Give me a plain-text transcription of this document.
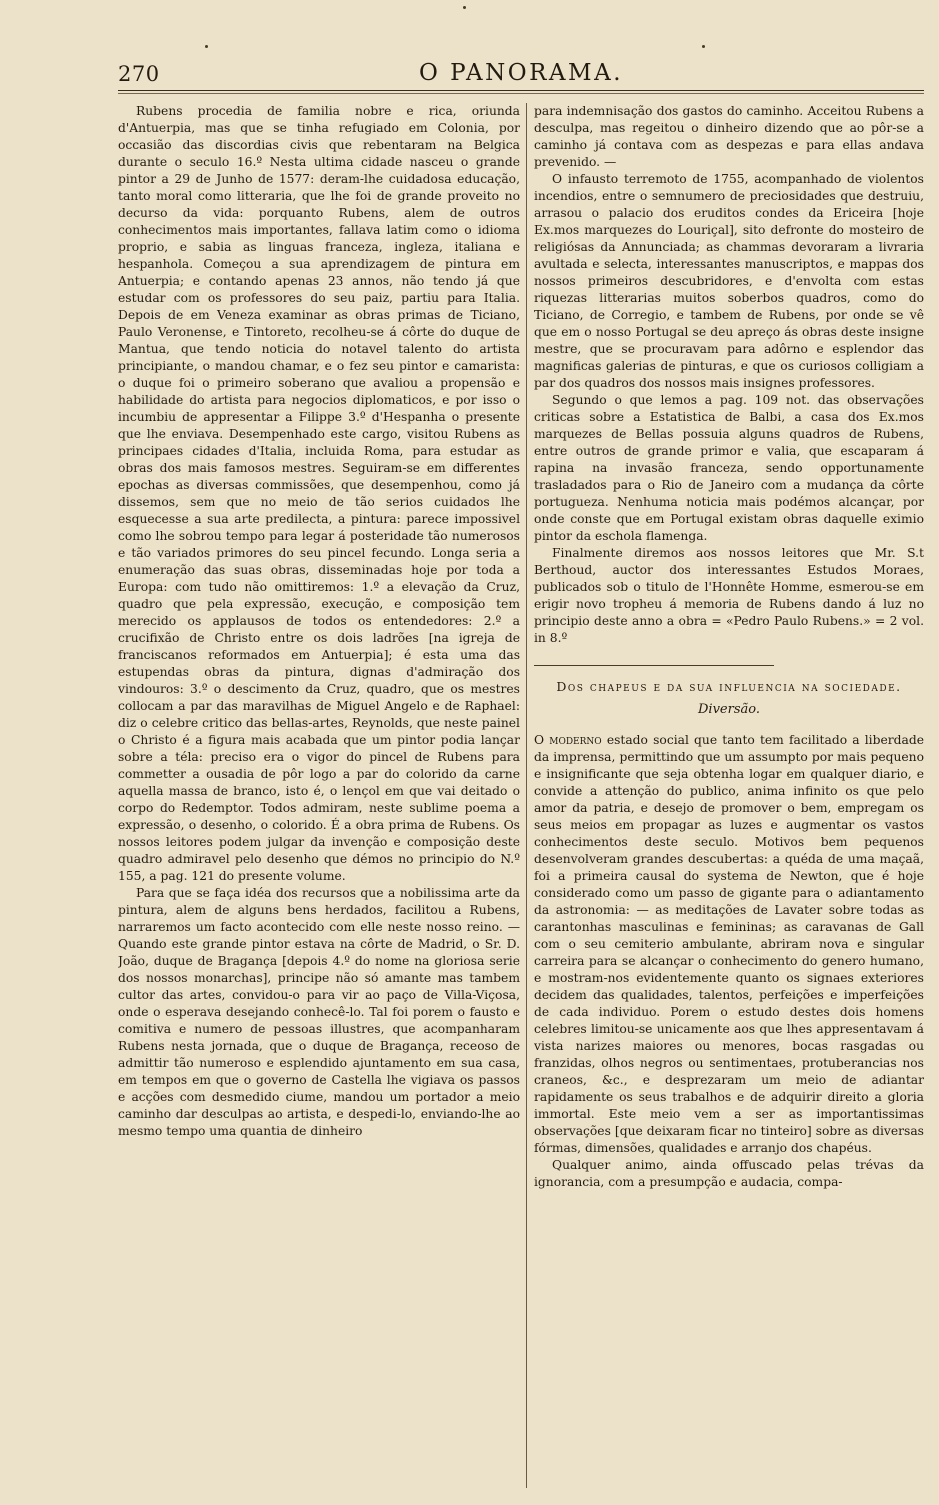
270	O PANORAMA.

Rubens procedia de familia nobre e rica, oriunda d'Antuerpia, mas que se tinha refugiado em Colonia, por occasião das discordias civis que rebentaram na Belgica durante o seculo 16.º Nesta ultima cidade nasceu o grande pintor a 29 de Junho de 1577: deram-lhe cuidadosa educação, tanto moral como litteraria, que lhe foi de grande proveito no decurso da vida: porquanto Rubens, alem de outros conhecimentos mais importantes, fallava latim como o idioma proprio, e sabia as linguas franceza, ingleza, italiana e hespanhola. Começou a sua aprendizagem de pintura em Antuerpia; e contando apenas 23 annos, não tendo já que estudar com os professores do seu paiz, partiu para Italia. Depois de em Veneza examinar as obras primas de Ticiano, Paulo Veronense, e Tintoreto, recolheu-se á côrte do duque de Mantua, que tendo noticia do notavel talento do artista principiante, o mandou chamar, e o fez seu pintor e camarista: o duque foi o primeiro soberano que avaliou a propensão e habilidade do artista para negocios diplomaticos, e por isso o incumbiu de appresentar a Filippe 3.º d'Hespanha o presente que lhe enviava. Desempenhado este cargo, visitou Rubens as principaes cidades d'Italia, incluida Roma, para estudar as obras dos mais famosos mestres. Seguiram-se em differentes epochas as diversas commissões, que desempenhou, como já dissemos, sem que no meio de tão serios cuidados lhe esquecesse a sua arte predilecta, a pintura: parece impossivel como lhe sobrou tempo para legar á posteridade tão numerosos e tão variados primores do seu pincel fecundo. Longa seria a enumeração das suas obras, disseminadas hoje por toda a Europa: com tudo não omittiremos: 1.º a elevação da Cruz, quadro que pela expressão, execução, e composição tem merecido os applausos de todos os entendedores: 2.º a crucifixão de Christo entre os dois ladrões [na igreja de franciscanos reformados em Antuerpia]; é esta uma das estupendas obras da pintura, dignas d'admiração dos vindouros: 3.º o descimento da Cruz, quadro, que os mestres collocam a par das maravilhas de Miguel Angelo e de Raphael: diz o celebre critico das bellas-artes, Reynolds, que neste painel o Christo é a figura mais acabada que um pintor podia lançar sobre a téla: preciso era o vigor do pincel de Rubens para commetter a ousadia de pôr logo a par do colorido da carne aquella massa de branco, isto é, o lençol em que vai deitado o corpo do Redemptor. Todos admiram, neste sublime poema a expressão, o desenho, o colorido. É a obra prima de Rubens. Os nossos leitores podem julgar da invenção e composição deste quadro admiravel pelo desenho que démos no principio do N.º 155, a pag. 121 do presente volume.

Para que se faça idéa dos recursos que a nobilissima arte da pintura, alem de alguns bens herdados, facilitou a Rubens, narraremos um facto acontecido com elle neste nosso reino. — Quando este grande pintor estava na côrte de Madrid, o Sr. D. João, duque de Bragança [depois 4.º do nome na gloriosa serie dos nossos monarchas], principe não só amante mas tambem cultor das artes, convidou-o para vir ao paço de Villa-Viçosa, onde o esperava desejando conhecê-lo. Tal foi porem o fausto e comitiva e numero de pessoas illustres, que acompanharam Rubens nesta jornada, que o duque de Bragança, receoso de admittir tão numeroso e esplendido ajuntamento em sua casa, em tempos em que o governo de Castella lhe vigiava os passos e acções com desmedido ciume, mandou um portador a meio caminho dar desculpas ao artista, e despedi-lo, enviando-lhe ao mesmo tempo uma quantia de dinheiro

para indemnisação dos gastos do caminho. Acceitou Rubens a desculpa, mas regeitou o dinheiro dizendo que ao pôr-se a caminho já contava com as despezas e para ellas andava prevenido. —

O infausto terremoto de 1755, acompanhado de violentos incendios, entre o semnumero de preciosidades que destruiu, arrasou o palacio dos eruditos condes da Ericeira [hoje Ex.mos marquezes do Louriçal], sito defronte do mosteiro de religiósas da Annunciada; as chammas devoraram a livraria avultada e selecta, interessantes manuscriptos, e mappas dos nossos primeiros descubridores, e d'envolta com estas riquezas litterarias muitos soberbos quadros, como do Ticiano, de Corregio, e tambem de Rubens, por onde se vê que em o nosso Portugal se deu apreço ás obras deste insigne mestre, que se procuravam para adôrno e esplendor das magnificas galerias de pinturas, e que os curiosos colligiam a par dos quadros dos nossos mais insignes professores.

Segundo o que lemos a pag. 109 not. das observações criticas sobre a Estatistica de Balbi, a casa dos Ex.mos marquezes de Bellas possuia alguns quadros de Rubens, entre outros de grande primor e valia, que escaparam á rapina na invasão franceza, sendo opportunamente trasladados para o Rio de Janeiro com a mudança da côrte portugueza. Nenhuma noticia mais podémos alcançar, por onde conste que em Portugal existam obras daquelle eximio pintor da eschola flamenga.

Finalmente diremos aos nossos leitores que Mr. S.t Berthoud, auctor dos interessantes Estudos Moraes, publicados sob o titulo de l'Honnête Homme, esmerou-se em erigir novo tropheu á memoria de Rubens dando á luz no principio deste anno a obra = «Pedro Paulo Rubens.» = 2 vol. in 8.º

Dos chapeus e da sua influencia na sociedade.
Diversão.

O moderno estado social que tanto tem facilitado a liberdade da imprensa, permittindo que um assumpto por mais pequeno e insignificante que seja obtenha logar em qualquer diario, e convide a attenção do publico, anima infinito os que pelo amor da patria, e desejo de promover o bem, empregam os seus meios em propagar as luzes e augmentar os vastos conhecimentos deste seculo. Motivos bem pequenos desenvolveram grandes descubertas: a quéda de uma maçaã, foi a primeira causal do systema de Newton, que é hoje considerado como um passo de gigante para o adiantamento da astronomia: — as meditações de Lavater sobre todas as carantonhas masculinas e femininas; as caravanas de Gall com o seu cemiterio ambulante, abriram nova e singular carreira para se alcançar o conhecimento do genero humano, e mostram-nos evidentemente quanto os signaes exteriores decidem das qualidades, talentos, perfeições e imperfeições de cada individuo. Porem o estudo destes dois homens celebres limitou-se unicamente aos que lhes appresentavam á vista narizes maiores ou menores, bocas rasgadas ou franzidas, olhos negros ou sentimentaes, protuberancias nos craneos, &c., e desprezaram um meio de adiantar rapidamente os seus trabalhos e de adquirir direito a gloria immortal. Este meio vem a ser as importantissimas observações [que deixaram ficar no tinteiro] sobre as diversas fórmas, dimensões, qualidades e arranjo dos chapéus.

Qualquer animo, ainda offuscado pelas trévas da ignorancia, com a presumpção e audacia, compa-
